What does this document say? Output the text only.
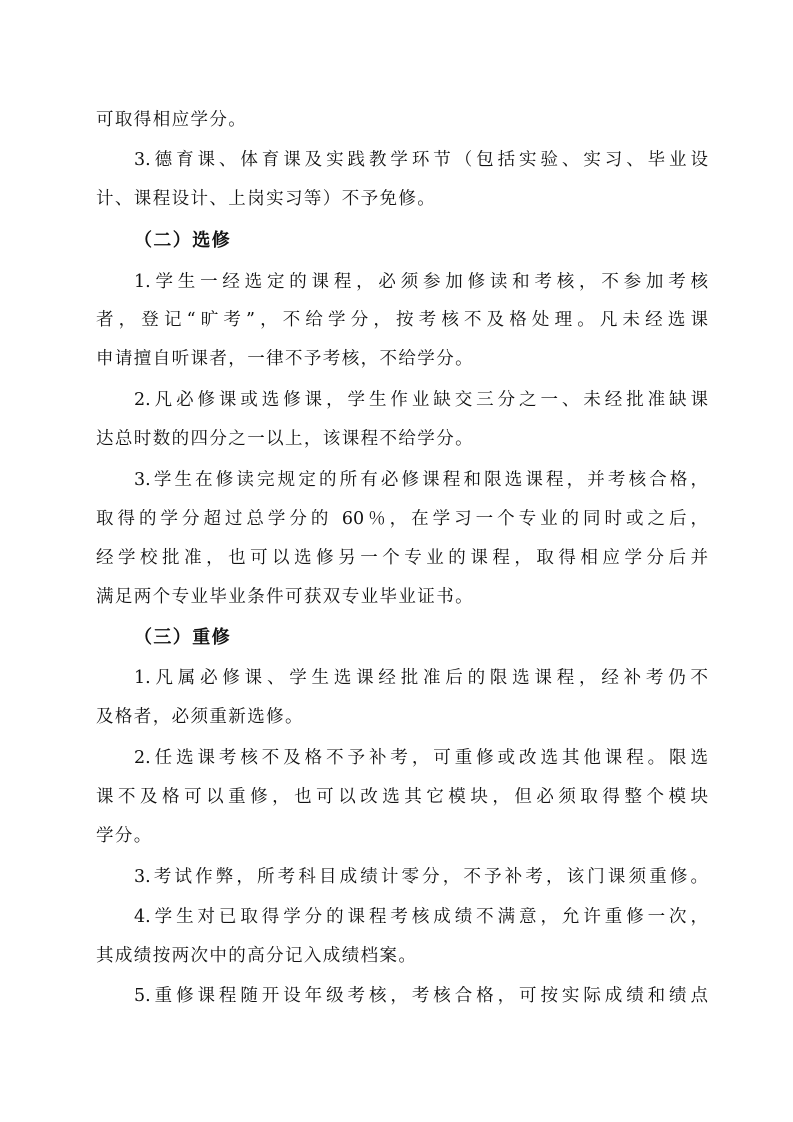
可取得相应学分。
3.德育课、体育课及实践教学环节（包括实验、实习、毕业设
计、课程设计、上岗实习等）不予免修。
（二）选修
1.学生一经选定的课程，必须参加修读和考核，不参加考核
者，登记“旷考”，不给学分，按考核不及格处理。凡未经选课
申请擅自听课者，一律不予考核，不给学分。
2.凡必修课或选修课，学生作业缺交三分之一、未经批准缺课
达总时数的四分之一以上，该课程不给学分。
3.学生在修读完规定的所有必修课程和限选课程，并考核合格，
取得的学分超过总学分的 60％，在学习一个专业的同时或之后，
经学校批准，也可以选修另一个专业的课程，取得相应学分后并
满足两个专业毕业条件可获双专业毕业证书。
（三）重修
1.凡属必修课、学生选课经批准后的限选课程，经补考仍不
及格者，必须重新选修。
2.任选课考核不及格不予补考，可重修或改选其他课程。限选
课不及格可以重修，也可以改选其它模块，但必须取得整个模块
学分。
3.考试作弊，所考科目成绩计零分，不予补考，该门课须重修。
4.学生对已取得学分的课程考核成绩不满意，允许重修一次，
其成绩按两次中的高分记入成绩档案。
5.重修课程随开设年级考核，考核合格，可按实际成绩和绩点
